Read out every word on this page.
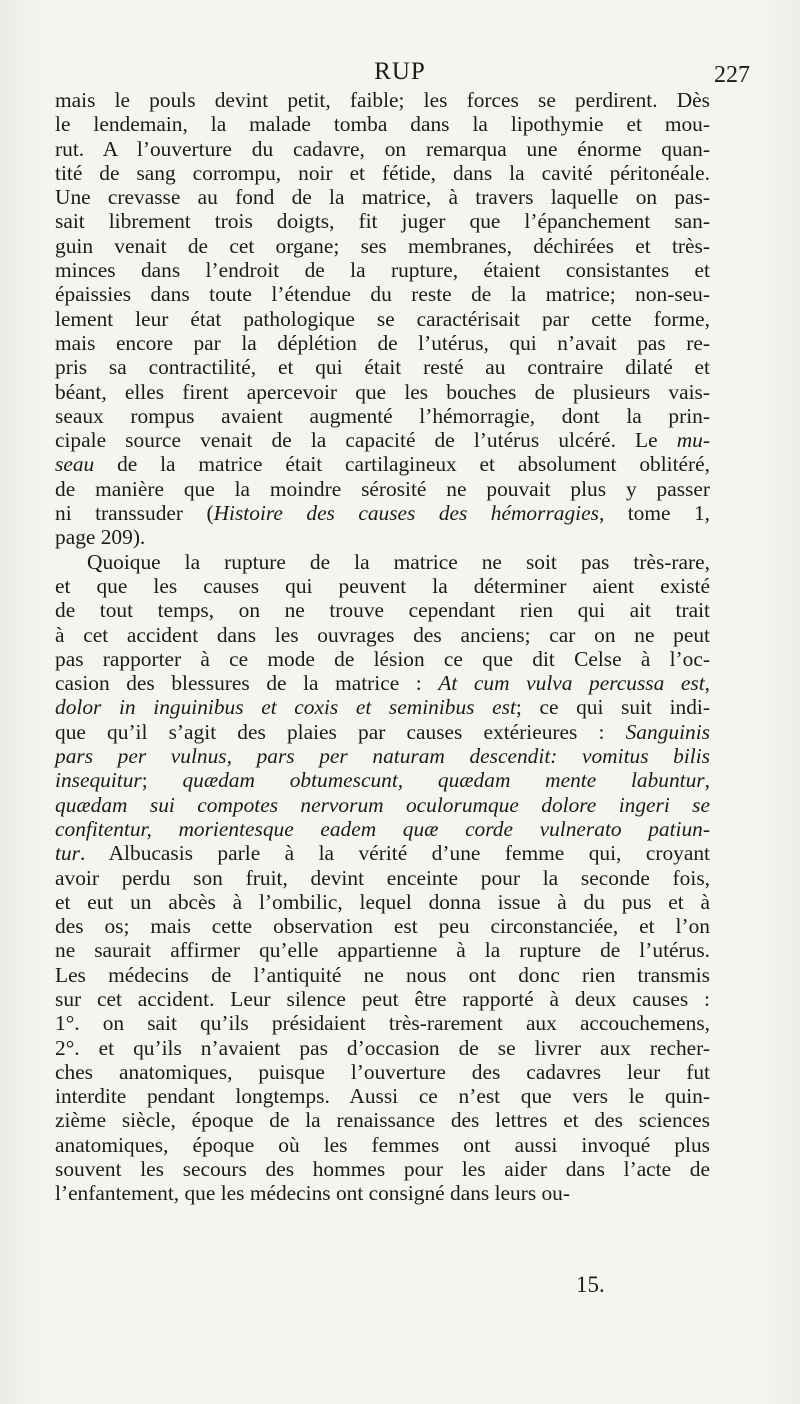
RUP	227
mais le pouls devint petit, faible; les forces se perdirent. Dès
le lendemain, la malade tomba dans la lipothymie et mou-
rut. A l’ouverture du cadavre, on remarqua une énorme quan-
tité de sang corrompu, noir et fétide, dans la cavité péritonéale.
Une crevasse au fond de la matrice, à travers laquelle on pas-
sait librement trois doigts, fit juger que l’épanchement san-
guin venait de cet organe; ses membranes, déchirées et très-
minces dans l’endroit de la rupture, étaient consistantes et
épaissies dans toute l’étendue du reste de la matrice; non-seu-
lement leur état pathologique se caractérisait par cette forme,
mais encore par la déplétion de l’utérus, qui n’avait pas re-
pris sa contractilité, et qui était resté au contraire dilaté et
béant, elles firent apercevoir que les bouches de plusieurs vais-
seaux rompus avaient augmenté l’hémorragie, dont la prin-
cipale source venait de la capacité de l’utérus ulcéré. Le mu-
seau de la matrice était cartilagineux et absolument oblitéré,
de manière que la moindre sérosité ne pouvait plus y passer
ni transsuder (Histoire des causes des hémorragies, tome 1,
page 209).
Quoique la rupture de la matrice ne soit pas très-rare,
et que les causes qui peuvent la déterminer aient existé
de tout temps, on ne trouve cependant rien qui ait trait
à cet accident dans les ouvrages des anciens; car on ne peut
pas rapporter à ce mode de lésion ce que dit Celse à l’oc-
casion des blessures de la matrice : At cum vulva percussa est,
dolor in inguinibus et coxis et seminibus est; ce qui suit indi-
que qu’il s’agit des plaies par causes extérieures : Sanguinis
pars per vulnus, pars per naturam descendit: vomitus bilis
insequitur; quædam obtumescunt, quædam mente labuntur,
quædam sui compotes nervorum oculorumque dolore ingeri se
confitentur, morientesque eadem quæ corde vulnerato patiun-
tur. Albucasis parle à la vérité d’une femme qui, croyant
avoir perdu son fruit, devint enceinte pour la seconde fois,
et eut un abcès à l’ombilic, lequel donna issue à du pus et à
des os; mais cette observation est peu circonstanciée, et l’on
ne saurait affirmer qu’elle appartienne à la rupture de l’utérus.
Les médecins de l’antiquité ne nous ont donc rien transmis
sur cet accident. Leur silence peut être rapporté à deux causes :
1°. on sait qu’ils présidaient très-rarement aux accouchemens,
2°. et qu’ils n’avaient pas d’occasion de se livrer aux recher-
ches anatomiques, puisque l’ouverture des cadavres leur fut
interdite pendant longtemps. Aussi ce n’est que vers le quin-
zième siècle, époque de la renaissance des lettres et des sciences
anatomiques, époque où les femmes ont aussi invoqué plus
souvent les secours des hommes pour les aider dans l’acte de
l’enfantement, que les médecins ont consigné dans leurs ou-
15.
